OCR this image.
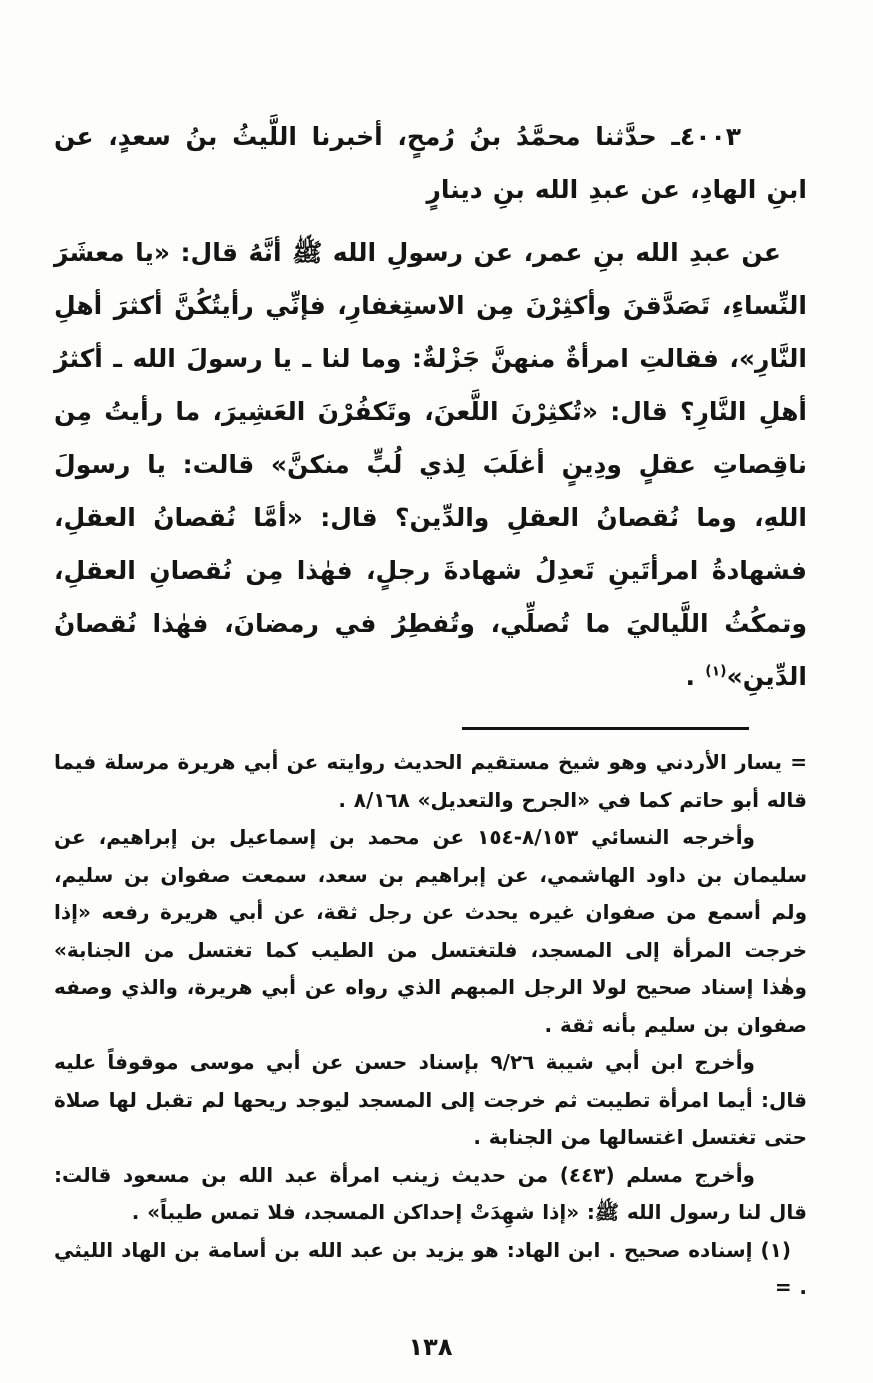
٤٠٠٣ـ حدَّثنا محمَّدُ بنُ رُمحٍ، أخبرنا اللَّيثُ بنُ سعدٍ، عن ابنِ الهادِ، عن عبدِ الله بنِ دينارٍ

عن عبدِ الله بنِ عمر، عن رسولِ الله ﷺ أنَّهُ قال: «يا معشَرَ النِّساءِ، تَصَدَّقنَ وأكثِرْنَ مِن الاستِغفارِ، فإنِّي رأيتُكُنَّ أكثرَ أهلِ النَّارِ»، فقالتِ امرأةٌ منهنَّ جَزْلةٌ: وما لنا ـ يا رسولَ الله ـ أكثرُ أهلِ النَّارِ؟ قال: «تُكثِرْنَ اللَّعنَ، وتَكفُرْنَ العَشِيرَ، ما رأيتُ مِن ناقِصاتِ عقلٍ ودِينٍ أغلَبَ لِذي لُبٍّ منكنَّ» قالت: يا رسولَ اللهِ، وما نُقصانُ العقلِ والدِّين؟ قال: «أمَّا نُقصانُ العقلِ، فشهادةُ امرأتَينِ تَعدِلُ شهادةَ رجلٍ، فهٰذا مِن نُقصانِ العقلِ، وتمكُثُ اللَّياليَ ما تُصلِّي، وتُفطِرُ في رمضانَ، فهٰذا نُقصانُ الدِّينِ»$^{(١)}$ .

= يسار الأردني وهو شيخ مستقيم الحديث روايته عن أبي هريرة مرسلة فيما قاله أبو حاتم كما في «الجرح والتعديل» ٨/١٦٨ .

وأخرجه النسائي ٨/١٥٣-١٥٤ عن محمد بن إسماعيل بن إبراهيم، عن سليمان بن داود الهاشمي، عن إبراهيم بن سعد، سمعت صفوان بن سليم، ولم أسمع من صفوان غيره يحدث عن رجل ثقة، عن أبي هريرة رفعه «إذا خرجت المرأة إلى المسجد، فلتغتسل من الطيب كما تغتسل من الجنابة» وهٰذا إسناد صحيح لولا الرجل المبهم الذي رواه عن أبي هريرة، والذي وصفه صفوان بن سليم بأنه ثقة .

وأخرج ابن أبي شيبة ٩/٢٦ بإسناد حسن عن أبي موسى موقوفاً عليه قال: أيما امرأة تطيبت ثم خرجت إلى المسجد ليوجد ريحها لم تقبل لها صلاة حتى تغتسل اغتسالها من الجنابة .

وأخرج مسلم (٤٤٣) من حديث زينب امرأة عبد الله بن مسعود قالت: قال لنا رسول الله ﷺ: «إذا شهِدَتْ إحداكن المسجد، فلا تمس طيباً» .

(١) إسناده صحيح . ابن الهاد: هو يزيد بن عبد الله بن أسامة بن الهاد الليثي . =

١٣٨
